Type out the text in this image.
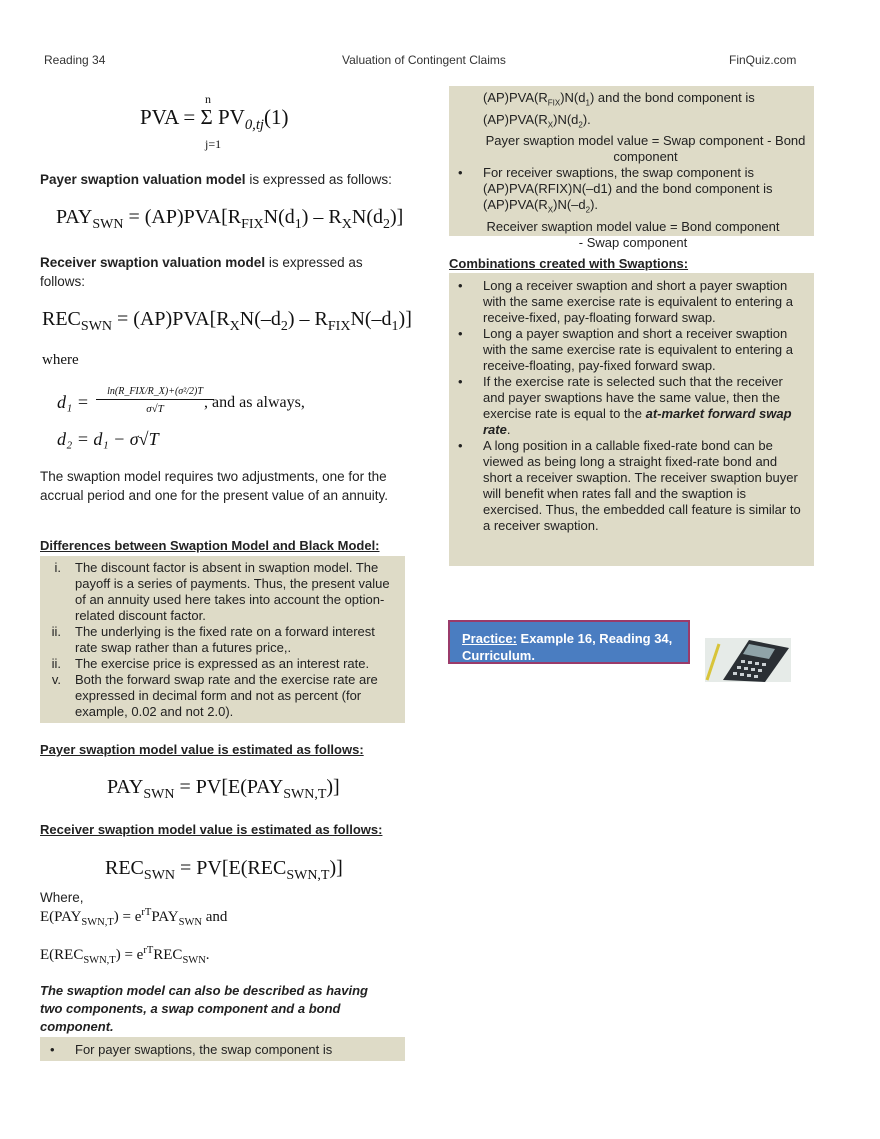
Reading 34	Valuation of Contingent Claims	FinQuiz.com
n
PVA = Σ $PV_{0,tj}(1)$
j=1

Payer swaption valuation model is expressed as follows:

$PAY_{SWN} = (AP)PVA[R_{FIX}N(d_1) - R_XN(d_2)]$

Receiver swaption valuation model is expressed as follows:

$REC_{SWN} = (AP)PVA[R_XN(-d_2) - R_{FIX}N(-d_1)]$
where
d₁ =
ln(R_FIX/R_X)+(σ²/2)T
σ√T	, and as always,
d₂ = d₁ − σ√T

The swaption model requires two adjustments, one for the accrual period and one for the present value of an annuity.

Differences between Swaption Model and Black Model:
i. The discount factor is absent in swaption model. The payoff is a series of payments. Thus, the present value of an annuity used here takes into account the option-related discount factor.
ii. The underlying is the fixed rate on a forward interest rate swap rather than a futures price,.
ii. The exercise price is expressed as an interest rate.
v. Both the forward swap rate and the exercise rate are expressed in decimal form and not as percent (for example, 0.02 and not 2.0).
Payer swaption model value is estimated as follows:
$PAY_{SWN} = PV[E(PAY_{SWN,T})]$
Receiver swaption model value is estimated as follows:
$REC_{SWN} = PV[E(REC_{SWN,T})]$

Where,

$E(PAY_{SWN,T}) = e^{rT}PAY_{SWN}$ and
$E(REC_{SWN,T}) = e^{rT}REC_{SWN}$.

The swaption model can also be described as having two components, a swap component and a bond component.

• For payer swaptions, the swap component is
$(AP)PVA(R_{FIX})N(d_1)$ and the bond component is
$(AP)PVA(R_X)N(d_2)$.
Payer swaption model value = Swap component - Bond component
• For receiver swaptions, the swap component is (AP)PVA(RFIX)N(–d1) and the bond component is
$(AP)PVA(R_X)N(-d_2)$.
Receiver swaption model value = Bond component - Swap component
Combinations created with Swaptions:
• Long a receiver swaption and short a payer swaption with the same exercise rate is equivalent to entering a receive-fixed, pay-floating forward swap.
• Long a payer swaption and short a receiver swaption with the same exercise rate is equivalent to entering a receive-floating, pay-fixed forward swap.
• If the exercise rate is selected such that the receiver and payer swaptions have the same value, then the exercise rate is equal to the at-market forward swap rate.
• A long position in a callable fixed-rate bond can be viewed as being long a straight fixed-rate bond and short a receiver swaption. The receiver swaption buyer will benefit when rates fall and the swaption is exercised. Thus, the embedded call feature is similar to a receiver swaption.
Practice: Example 16, Reading 34, Curriculum.
